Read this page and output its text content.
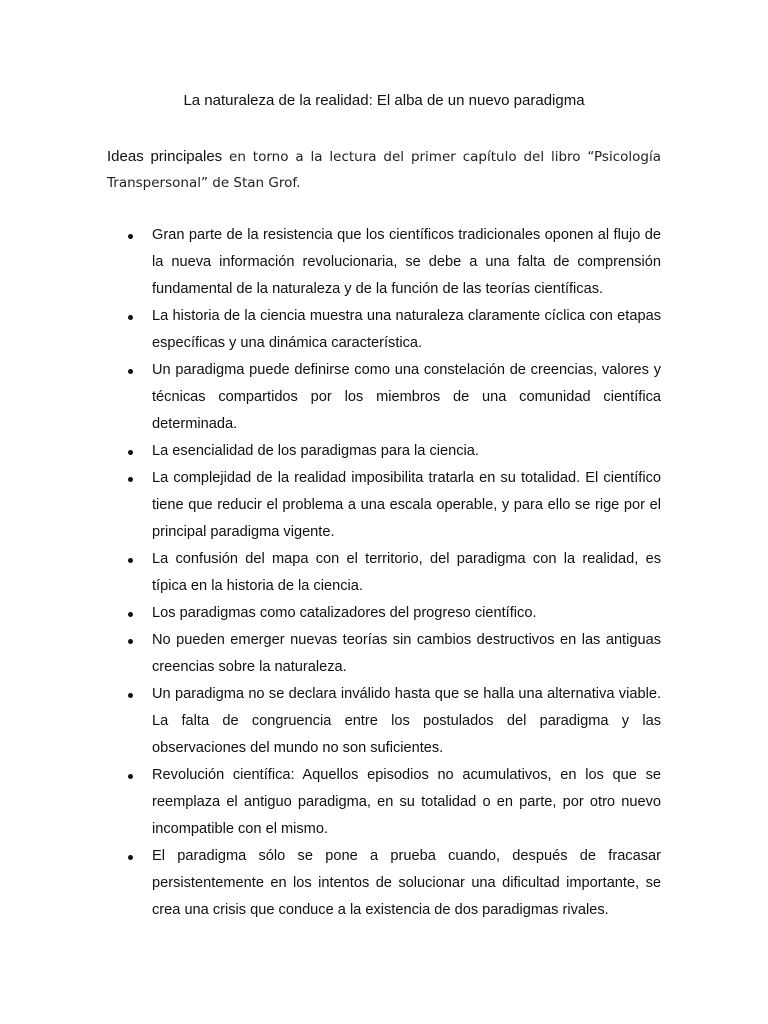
La naturaleza de la realidad: El alba de un nuevo paradigma

Ideas principales en torno a la lectura del primer capítulo del libro “Psicología Transpersonal” de Stan Grof.

Gran parte de la resistencia que los científicos tradicionales oponen al flujo de la nueva información revolucionaria, se debe a una falta de comprensión fundamental de la naturaleza y de la función de las teorías científicas.
La historia de la ciencia muestra una naturaleza claramente cíclica con etapas específicas y una dinámica característica.
Un paradigma puede definirse como una constelación de creencias, valores y técnicas compartidos por los miembros de una comunidad científica determinada.
La esencialidad de los paradigmas para la ciencia.
La complejidad de la realidad imposibilita tratarla en su totalidad. El científico tiene que reducir el problema a una escala operable, y para ello se rige por el principal paradigma vigente.
La confusión del mapa con el territorio, del paradigma con la realidad, es típica en la historia de la ciencia.
Los paradigmas como catalizadores del progreso científico.
No pueden emerger nuevas teorías sin cambios destructivos en las antiguas creencias sobre la naturaleza.
Un paradigma no se declara inválido hasta que se halla una alternativa viable. La falta de congruencia entre los postulados del paradigma y las observaciones del mundo no son suficientes.
Revolución científica: Aquellos episodios no acumulativos, en los que se reemplaza el antiguo paradigma, en su totalidad o en parte, por otro nuevo incompatible con el mismo.
El paradigma sólo se pone a prueba cuando, después de fracasar persistentemente en los intentos de solucionar una dificultad importante, se crea una crisis que conduce a la existencia de dos paradigmas rivales.
